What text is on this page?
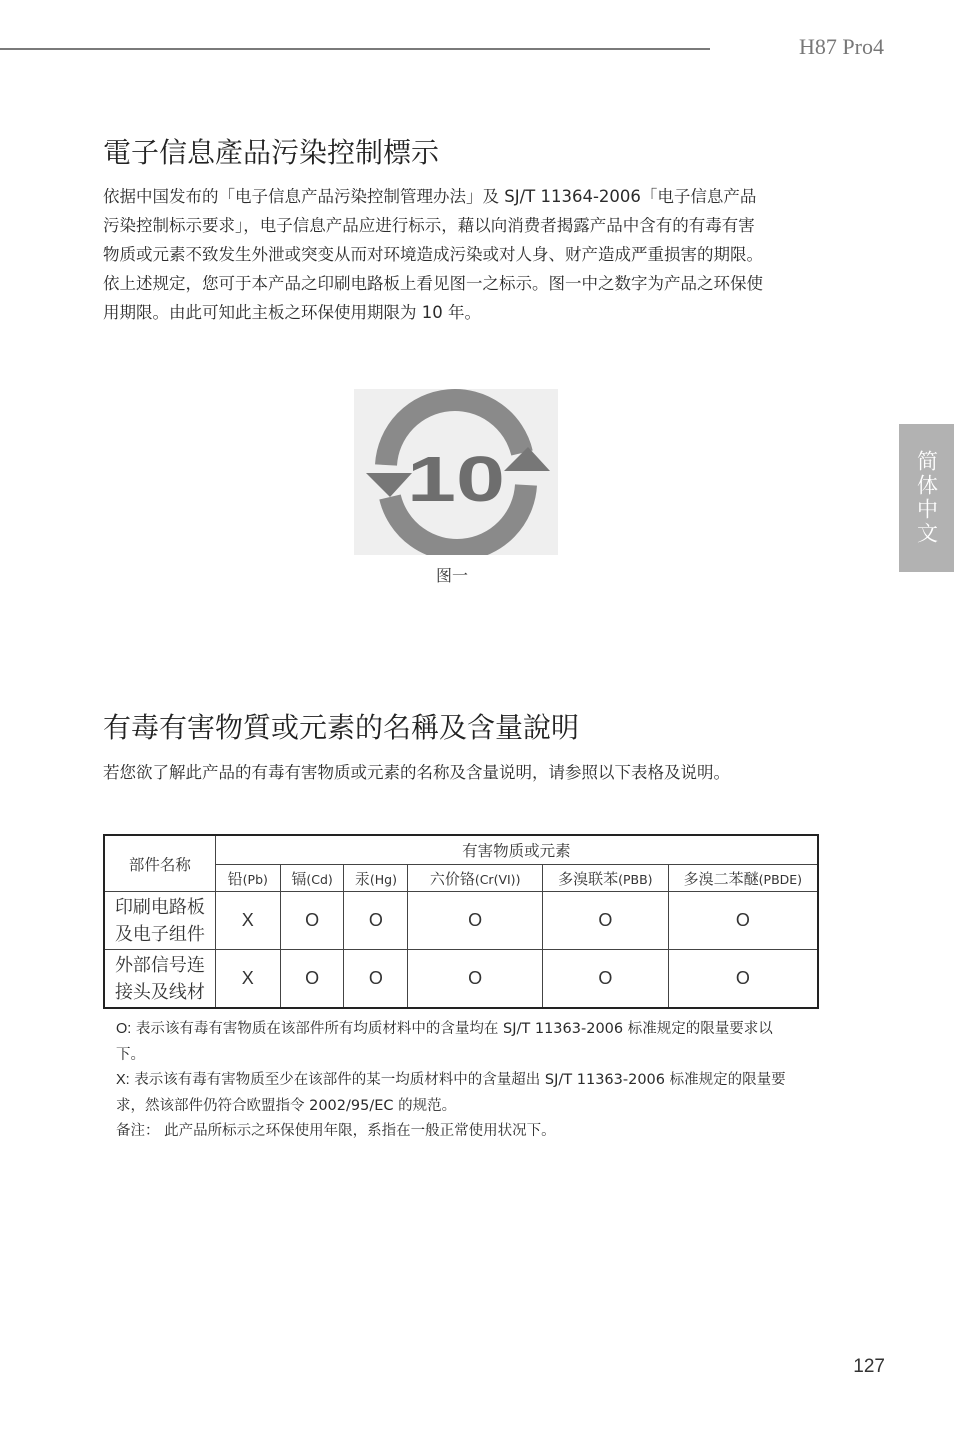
H87 Pro4
简体中文
電子信息產品污染控制標示

依据中国发布的「电子信息产品污染控制管理办法」及 SJ/T 11364-2006「电子信息产品污染控制标示要求」，电子信息产品应进行标示，藉以向消费者揭露产品中含有的有毒有害物质或元素不致发生外泄或突变从而对环境造成污染或对人身、财产造成严重损害的期限。依上述规定，您可于本产品之印刷电路板上看见图一之标示。图一中之数字为产品之环保使用期限。由此可知此主板之环保使用期限为 10 年。

10
图一
有毒有害物質或元素的名稱及含量說明

若您欲了解此产品的有毒有害物质或元素的名称及含量说明，请参照以下表格及说明。

部件名称	有害物质或元素					
	铅(Pb)	镉(Cd)	汞(Hg)	六价铬(Cr(VI))	多溴联苯(PBB)	多溴二苯醚(PBDE)
印刷电路板及电子组件	X	O	O	O	O	O
外部信号连接头及线材	X	O	O	O	O	O

O: 表示该有毒有害物质在该部件所有均质材料中的含量均在 SJ/T 11363-2006 标准规定的限量要求以下。

X: 表示该有毒有害物质至少在该部件的某一均质材料中的含量超出 SJ/T 11363-2006 标准规定的限量要求，然该部件仍符合欧盟指令 2002/95/EC 的规范。

备注： 此产品所标示之环保使用年限，系指在一般正常使用状况下。

127
